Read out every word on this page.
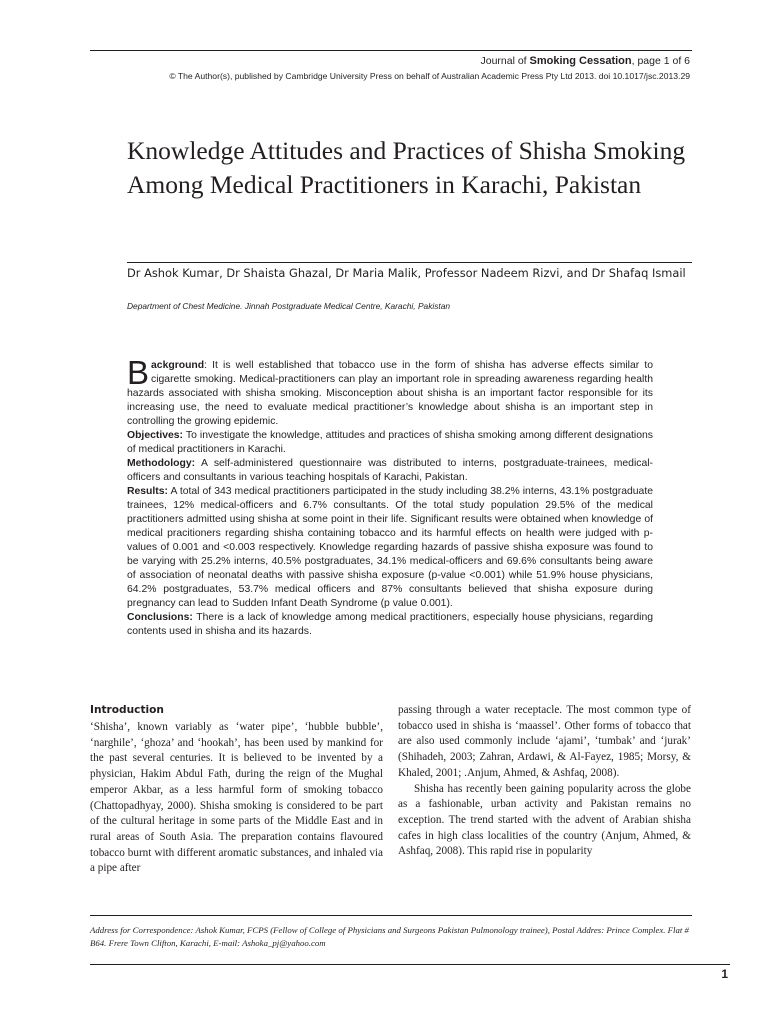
Journal of Smoking Cessation, page 1 of 6
© The Author(s), published by Cambridge University Press on behalf of Australian Academic Press Pty Ltd 2013. doi 10.1017/jsc.2013.29
Knowledge Attitudes and Practices of Shisha Smoking Among Medical Practitioners in Karachi, Pakistan
Dr Ashok Kumar, Dr Shaista Ghazal, Dr Maria Malik, Professor Nadeem Rizvi, and Dr Shafaq Ismail
Department of Chest Medicine. Jinnah Postgraduate Medical Centre, Karachi, Pakistan

Background: It is well established that tobacco use in the form of shisha has adverse effects similar to cigarette smoking. Medical-practitioners can play an important role in spreading awareness regarding health hazards associated with shisha smoking. Misconception about shisha is an important factor responsible for its increasing use, the need to evaluate medical practitioner’s knowledge about shisha is an important step in controlling the growing epidemic.

Objectives: To investigate the knowledge, attitudes and practices of shisha smoking among different designations of medical practitioners in Karachi.

Methodology: A self-administered questionnaire was distributed to interns, postgraduate-trainees, medical-officers and consultants in various teaching hospitals of Karachi, Pakistan.

Results: A total of 343 medical practitioners participated in the study including 38.2% interns, 43.1% postgraduate trainees, 12% medical-officers and 6.7% consultants. Of the total study population 29.5% of the medical practitioners admitted using shisha at some point in their life. Significant results were obtained when knowledge of medical pracitioners regarding shisha containing tobacco and its harmful effects on health were judged with p-values of 0.001 and <0.003 respectively. Knowledge regarding hazards of passive shisha exposure was found to be varying with 25.2% interns, 40.5% postgraduates, 34.1% medical-officers and 69.6% consultants being aware of association of neonatal deaths with passive shisha exposure (p-value <0.001) while 51.9% house physicians, 64.2% postgraduates, 53.7% medical officers and 87% consultants believed that shisha exposure during pregnancy can lead to Sudden Infant Death Syndrome (p value 0.001).

Conclusions: There is a lack of knowledge among medical practitioners, especially house physicians, regarding contents used in shisha and its hazards.

Introduction

‘Shisha’, known variably as ‘water pipe’, ‘hubble bubble’, ‘narghile’, ‘ghoza’ and ‘hookah’, has been used by mankind for the past several centuries. It is believed to be invented by a physician, Hakim Abdul Fath, during the reign of the Mughal emperor Akbar, as a less harmful form of smoking tobacco (Chattopadhyay, 2000). Shisha smoking is considered to be part of the cultural heritage in some parts of the Middle East and in rural areas of South Asia. The preparation contains flavoured tobacco burnt with different aromatic substances, and inhaled via a pipe after

passing through a water receptacle. The most common type of tobacco used in shisha is ‘maassel’. Other forms of tobacco that are also used commonly include ‘ajami’, ‘tumbak’ and ‘jurak’ (Shihadeh, 2003; Zahran, Ardawi, & Al-Fayez, 1985; Morsy, & Khaled, 2001; .Anjum, Ahmed, & Ashfaq, 2008).

Shisha has recently been gaining popularity across the globe as a fashionable, urban activity and Pakistan remains no exception. The trend started with the advent of Arabian shisha cafes in high class localities of the country (Anjum, Ahmed, & Ashfaq, 2008). This rapid rise in popularity

Address for Correspondence: Ashok Kumar, FCPS (Fellow of College of Physicians and Surgeons Pakistan Pulmonology trainee), Postal Addres: Prince Complex. Flat # B64. Frere Town Clifton, Karachi, E-mail: Ashoka_pj@yahoo.com
1
